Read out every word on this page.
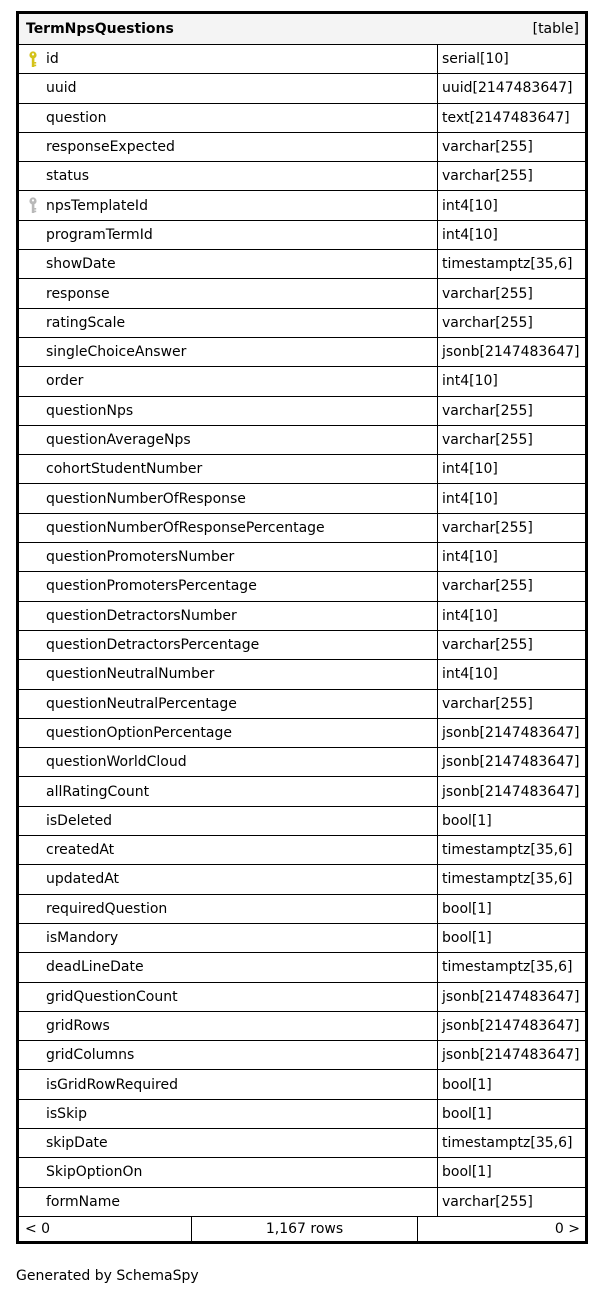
TermNpsQuestions	[table]
id	serial[10]
uuid	uuid[2147483647]
question	text[2147483647]
responseExpected	varchar[255]
status	varchar[255]
npsTemplateId	int4[10]
programTermId	int4[10]
showDate	timestamptz[35,6]
response	varchar[255]
ratingScale	varchar[255]
singleChoiceAnswer	jsonb[2147483647]
order	int4[10]
questionNps	varchar[255]
questionAverageNps	varchar[255]
cohortStudentNumber	int4[10]
questionNumberOfResponse	int4[10]
questionNumberOfResponsePercentage	varchar[255]
questionPromotersNumber	int4[10]
questionPromotersPercentage	varchar[255]
questionDetractorsNumber	int4[10]
questionDetractorsPercentage	varchar[255]
questionNeutralNumber	int4[10]
questionNeutralPercentage	varchar[255]
questionOptionPercentage	jsonb[2147483647]
questionWorldCloud	jsonb[2147483647]
allRatingCount	jsonb[2147483647]
isDeleted	bool[1]
createdAt	timestamptz[35,6]
updatedAt	timestamptz[35,6]
requiredQuestion	bool[1]
isMandory	bool[1]
deadLineDate	timestamptz[35,6]
gridQuestionCount	jsonb[2147483647]
gridRows	jsonb[2147483647]
gridColumns	jsonb[2147483647]
isGridRowRequired	bool[1]
isSkip	bool[1]
skipDate	timestamptz[35,6]
SkipOptionOn	bool[1]
formName	varchar[255]
< 0	1,167 rows	0 >
Generated by SchemaSpy
